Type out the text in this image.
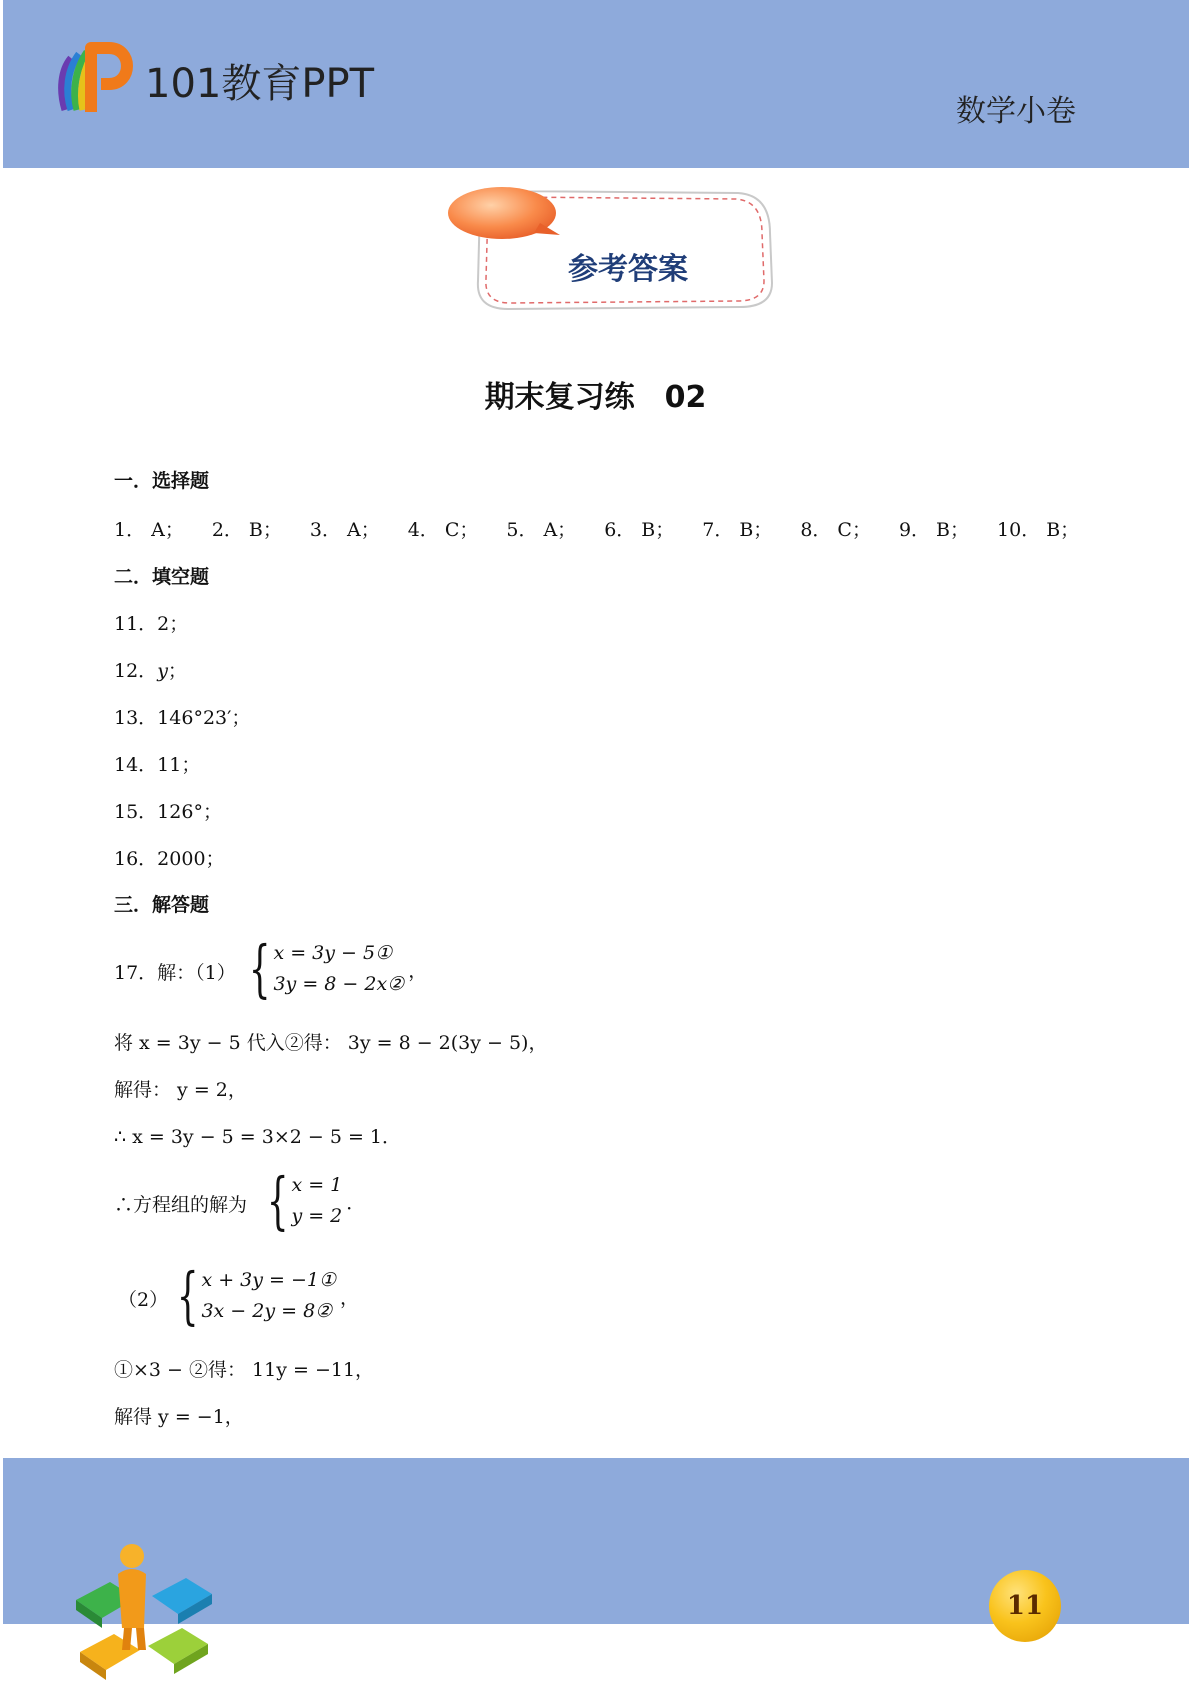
101教育PPT
数学小卷
参考答案
期末复习练　02
一．选择题
1． A；	2． B；	3． A；	4． C；	5． A；	6． B；	7． B；	8． C；	9． B；	10． B；
二．填空题
11．2；
12．y；
13．146°23′；
14．11；
15．126°；
16．2000；
三．解答题
17．解：（1） { x = 3y − 5①
3y = 8 − 2x②
，
将 x = 3y − 5 代入②得： 3y = 8 − 2(3y − 5)，
解得： y = 2，
∴ x = 3y − 5 = 3×2 − 5 = 1．
∴方程组的解为 { x = 1
y = 2
．
（2） { x + 3y = −1①
3x − 2y = 8②
，
①×3 − ②得： 11y = −11，
解得 y = −1，
11
